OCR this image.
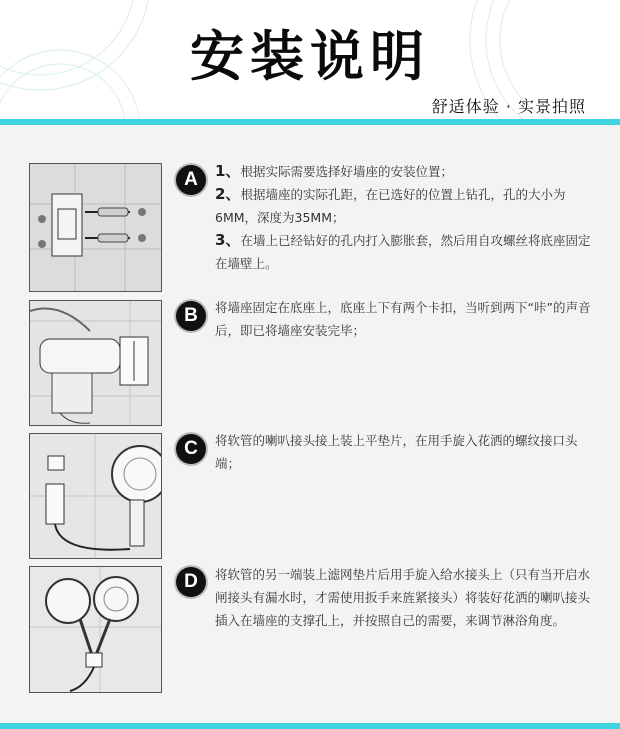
安装说明
舒适体验 · 实景拍照
A	1、根据实际需要选择好墙座的安装位置；

2、根据墙座的实际孔距，在已选好的位置上钻孔，孔的大小为6MM，深度为35MM；

3、在墙上已经钻好的孔内打入膨胀套，然后用自攻螺丝将底座固定在墙壁上。

B	将墙座固定在底座上，底座上下有两个卡扣，当听到两下“咔”的声音后，即已将墙座安装完毕；
C	将软管的喇叭接头接上装上平垫片，在用手旋入花洒的螺纹接口头端；
D	将软管的另一端装上滤网垫片后用手旋入给水接头上（只有当开启水闸接头有漏水时，才需使用扳手来旌紧接头）将装好花洒的喇叭接头插入在墙座的支撑孔上，并按照自己的需要，来调节淋浴角度。
